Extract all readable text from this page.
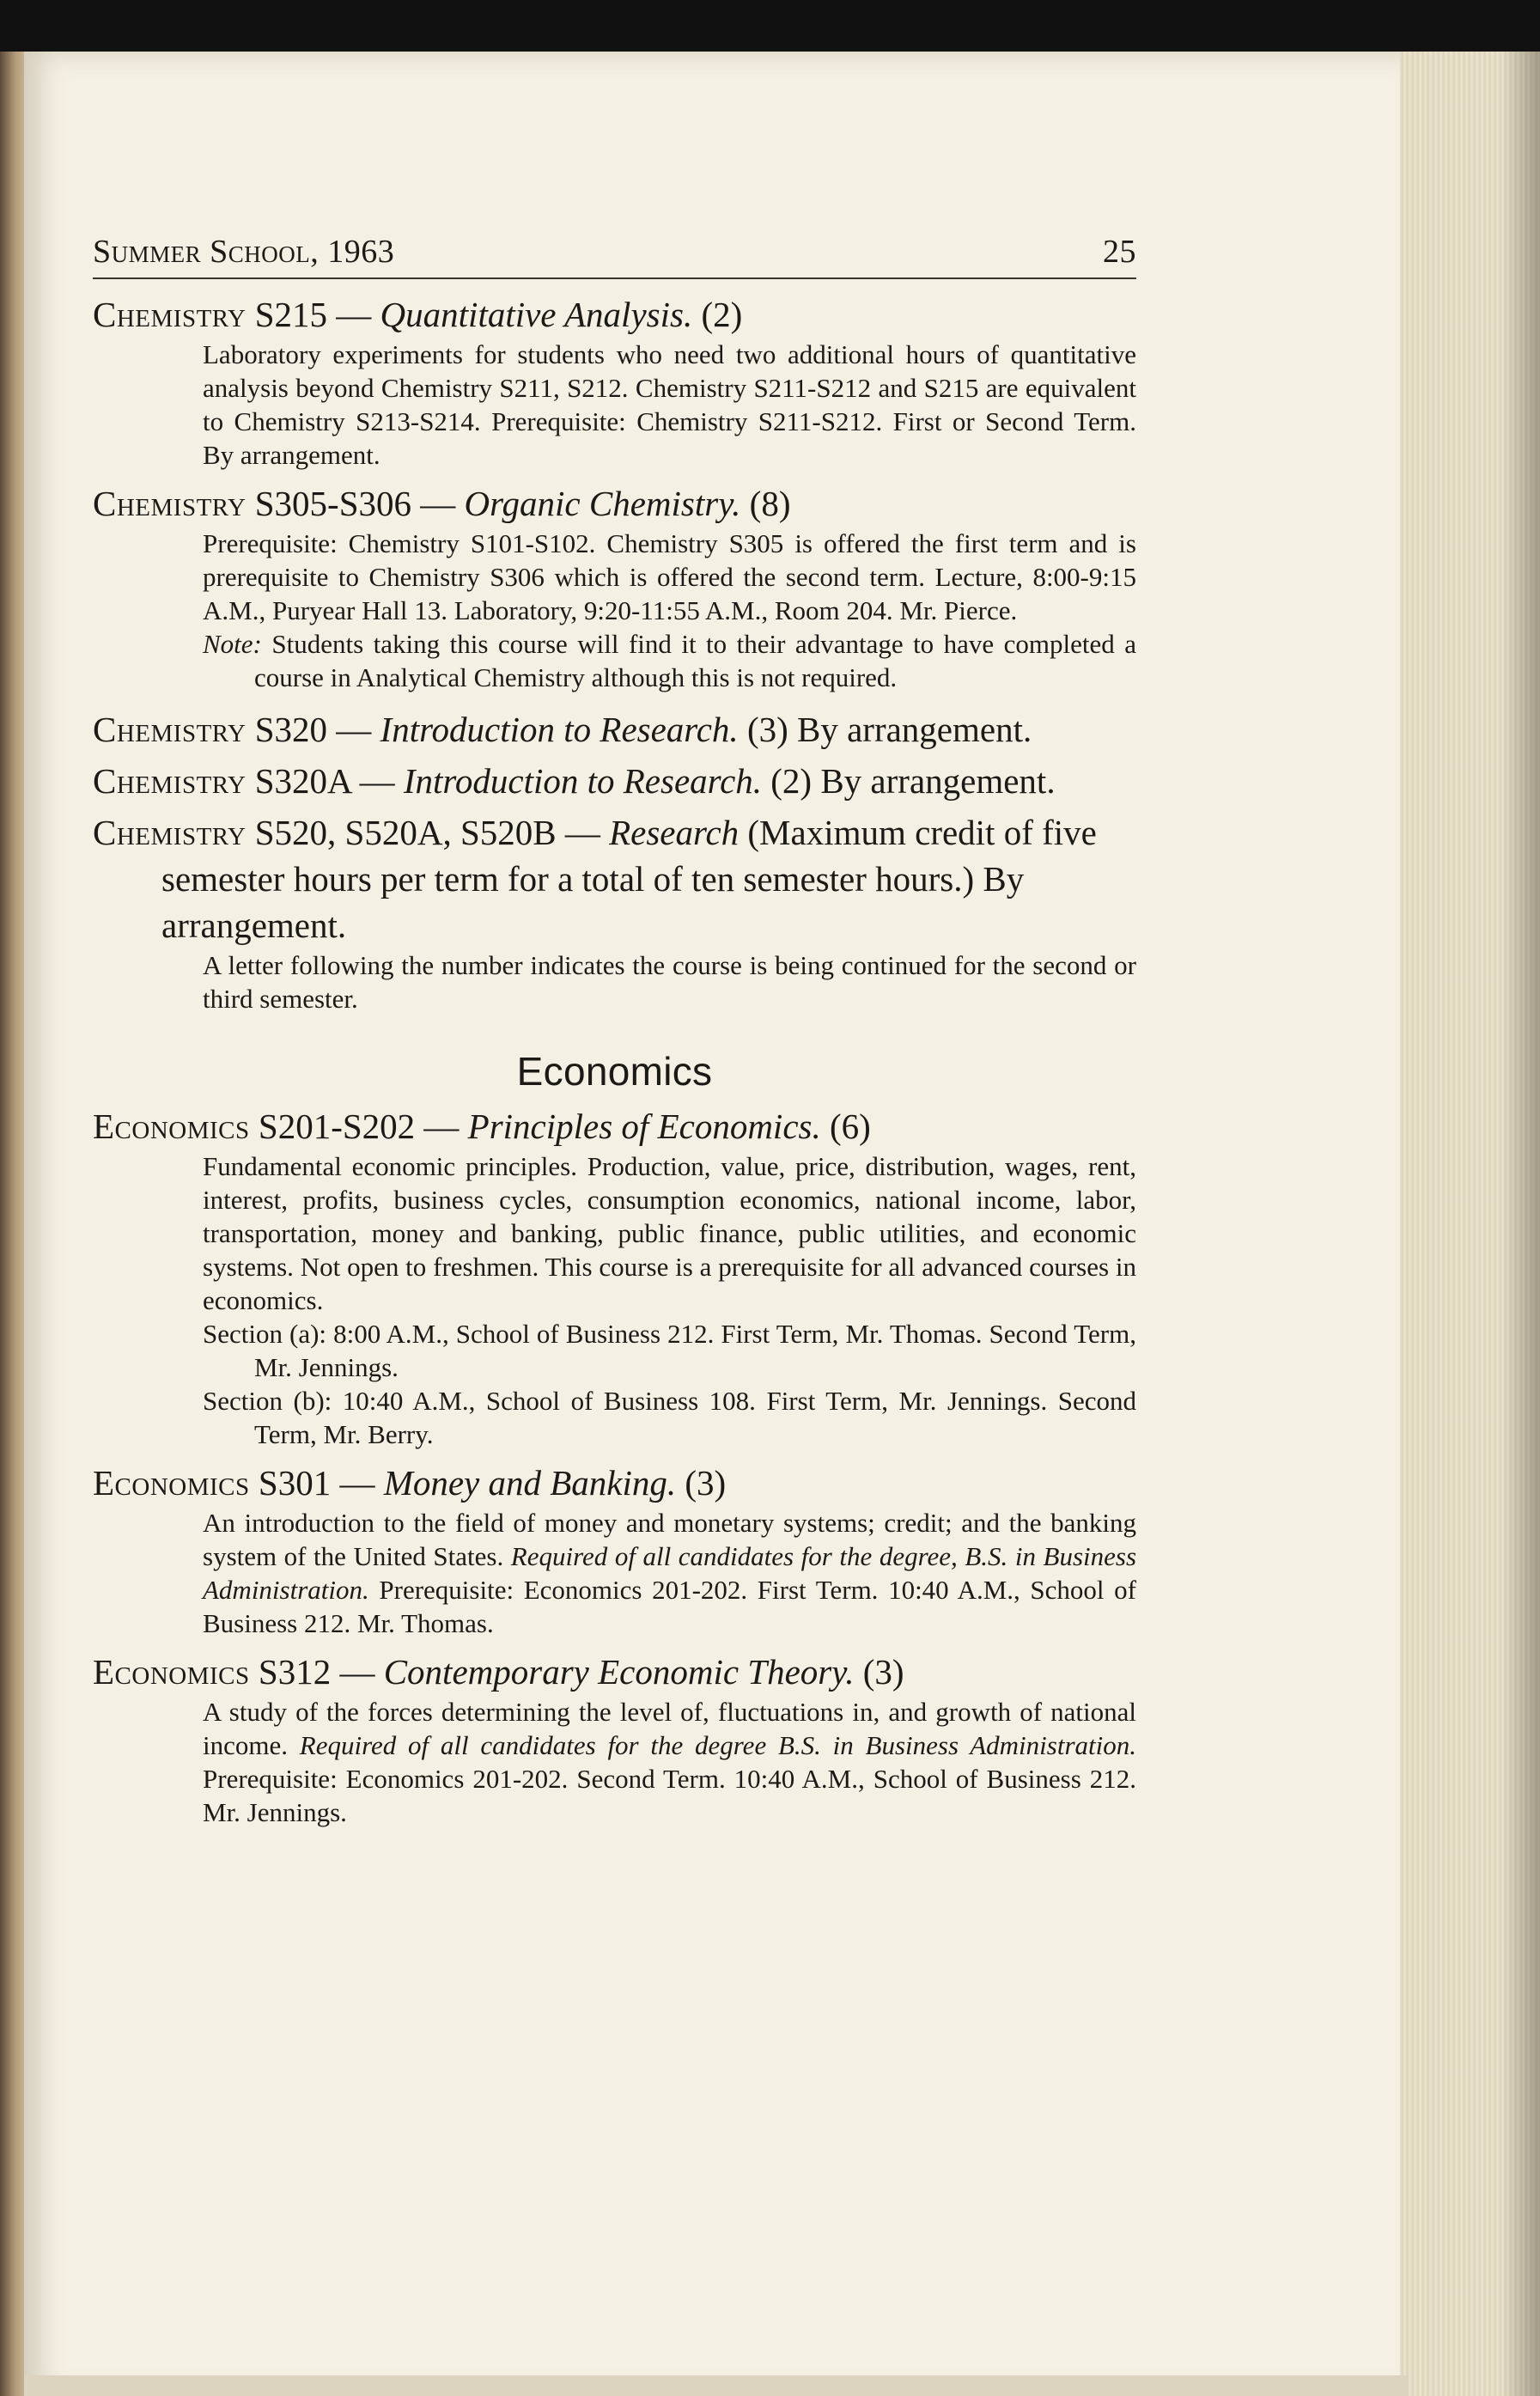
Summer School, 1963	25
Chemistry S215 — Quantitative Analysis. (2)
Laboratory experiments for students who need two additional hours of quantitative analysis beyond Chemistry S211, S212. Chemistry S211-S212 and S215 are equivalent to Chemistry S213-S214. Prerequisite: Chemistry S211-S212. First or Second Term. By arrangement.
Chemistry S305-S306 — Organic Chemistry. (8)
Prerequisite: Chemistry S101-S102. Chemistry S305 is offered the first term and is prerequisite to Chemistry S306 which is offered the second term. Lecture, 8:00-9:15 A.M., Puryear Hall 13. Laboratory, 9:20-11:55 A.M., Room 204. Mr. Pierce.
Note: Students taking this course will find it to their advantage to have completed a course in Analytical Chemistry although this is not required.
Chemistry S320 — Introduction to Research. (3) By arrangement.
Chemistry S320A — Introduction to Research. (2) By arrangement.
Chemistry S520, S520A, S520B — Research (Maximum credit of five semester hours per term for a total of ten semester hours.) By arrangement.
A letter following the number indicates the course is being continued for the second or third semester.
Economics
Economics S201-S202 — Principles of Economics. (6)
Fundamental economic principles. Production, value, price, distribution, wages, rent, interest, profits, business cycles, consumption economics, national income, labor, transportation, money and banking, public finance, public utilities, and economic systems. Not open to freshmen. This course is a prerequisite for all advanced courses in economics.
Section (a): 8:00 A.M., School of Business 212. First Term, Mr. Thomas. Second Term, Mr. Jennings.
Section (b): 10:40 A.M., School of Business 108. First Term, Mr. Jennings. Second Term, Mr. Berry.
Economics S301 — Money and Banking. (3)
An introduction to the field of money and monetary systems; credit; and the banking system of the United States. Required of all candidates for the degree, B.S. in Business Administration. Prerequisite: Economics 201-202. First Term. 10:40 A.M., School of Business 212. Mr. Thomas.
Economics S312 — Contemporary Economic Theory. (3)
A study of the forces determining the level of, fluctuations in, and growth of national income. Required of all candidates for the degree B.S. in Business Administration. Prerequisite: Economics 201-202. Second Term. 10:40 A.M., School of Business 212. Mr. Jennings.
